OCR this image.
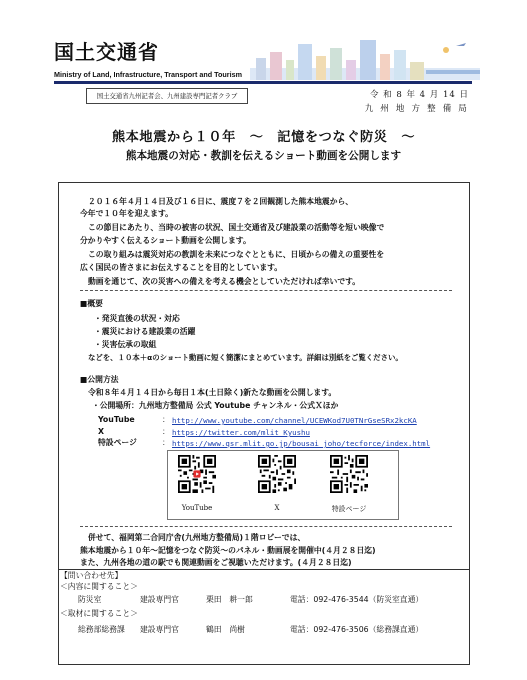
国土交通省
Ministry of Land, Infrastructure, Transport and Tourism
国土交通省九州記者会、九州建設専門記者クラブ	令 和 8 年 4 月 14 日
九 州 地 方 整 備 局
熊本地震から１０年　～　記憶をつなぐ防災　～
熊本地震の対応・教訓を伝えるショート動画を公開します
２０１６年４月１４日及び１６日に、震度７を２回観測した熊本地震から、
今年で１０年を迎えます。
この節目にあたり、当時の被害の状況、国土交通省及び建設業の活動等を短い映像で
分かりやすく伝えるショート動画を公開します。
この取り組みは震災対応の教訓を未来につなぐとともに、日頃からの備えの重要性を
広く国民の皆さまにお伝えすることを目的としています。
動画を通じて、次の災害への備えを考える機会としていただければ幸いです。
■概要
・発災直後の状況・対応
・震災における建設業の活躍
・災害伝承の取組
などを、１０本＋αのショート動画に短く簡潔にまとめています。詳細は別紙をご覧ください。
■公開方法
令和８年４月１４日から毎日１本(土日除く)新たな動画を公開します。
・公開場所：九州地方整備局 公式 Youtube チャンネル・公式Ｘほか
YouTube	： http://www.youtube.com/channel/UCEWKod7U0TNrGseSRx2kcKA
X	： https://twitter.com/mlit_Kyushu
特設ページ	： https://www.qsr.mlit.go.jp/bousai_joho/tecforce/index.html
YouTube	X	特設ページ
併せて、福岡第二合同庁舎(九州地方整備局)１階ロビーでは、
熊本地震から１０年～記憶をつなぐ防災～のパネル・動画展を開催中(４月２８日迄)
また、九州各地の道の駅でも関連動画をご視聴いただけます。(４月２８日迄)
【問い合わせ先】
＜内容に関すること＞
防災室	建設専門官	栗田　耕一郎	電話：092-476-3544（防災室直通）
＜取材に関すること＞
総務部総務課 建設専門官	鶴田　尚樹	電話：092-476-3506（総務課直通）
